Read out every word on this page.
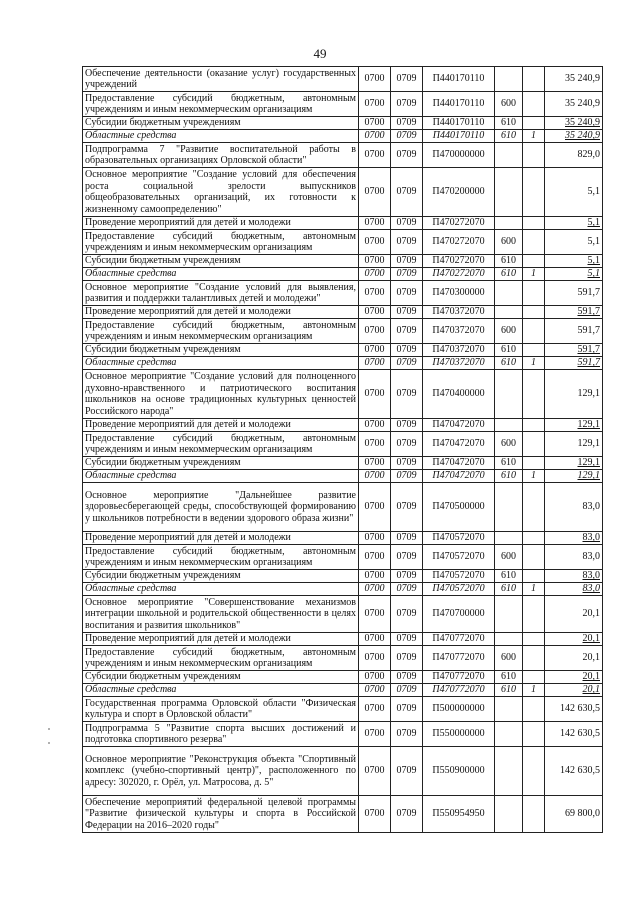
49
Обеспечение деятельности (оказание услуг) государственных учреждений	0700	0709	П440170110			35 240,9
Предоставление субсидий бюджетным, автономным учреждениям и иным некоммерческим организациям	0700	0709	П440170110	600		35 240,9
Субсидии бюджетным учреждениям	0700	0709	П440170110	610		35 240,9
Областные средства	0700	0709	П440170110	610	1	35 240,9
Подпрограмма 7 "Развитие воспитательной работы в образовательных организациях Орловской области"	0700	0709	П470000000			829,0
Основное мероприятие "Создание условий для обеспечения роста социальной зрелости выпускников общеобразовательных организаций, их готовности к жизненному самоопределению"	0700	0709	П470200000			5,1
Проведение мероприятий для детей и молодежи	0700	0709	П470272070			5,1
Предоставление субсидий бюджетным, автономным учреждениям и иным некоммерческим организациям	0700	0709	П470272070	600		5,1
Субсидии бюджетным учреждениям	0700	0709	П470272070	610		5,1
Областные средства	0700	0709	П470272070	610	1	5,1
Основное мероприятие "Создание условий для выявления, развития и поддержки талантливых детей и молодежи"	0700	0709	П470300000			591,7
Проведение мероприятий для детей и молодежи	0700	0709	П470372070			591,7
Предоставление субсидий бюджетным, автономным учреждениям и иным некоммерческим организациям	0700	0709	П470372070	600		591,7
Субсидии бюджетным учреждениям	0700	0709	П470372070	610		591,7
Областные средства	0700	0709	П470372070	610	1	591,7
Основное мероприятие "Создание условий для полноценного духовно-нравственного и патриотического воспитания школьников на основе традиционных культурных ценностей Российского народа"	0700	0709	П470400000			129,1
Проведение мероприятий для детей и молодежи	0700	0709	П470472070			129,1
Предоставление субсидий бюджетным, автономным учреждениям и иным некоммерческим организациям	0700	0709	П470472070	600		129,1
Субсидии бюджетным учреждениям	0700	0709	П470472070	610		129,1
Областные средства	0700	0709	П470472070	610	1	129,1
Основное мероприятие "Дальнейшее развитие здоровьесберегающей среды, способствующей формированию у школьников потребности в ведении здорового образа жизни"	0700	0709	П470500000			83,0
Проведение мероприятий для детей и молодежи	0700	0709	П470572070			83,0
Предоставление субсидий бюджетным, автономным учреждениям и иным некоммерческим организациям	0700	0709	П470572070	600		83,0
Субсидии бюджетным учреждениям	0700	0709	П470572070	610		83,0
Областные средства	0700	0709	П470572070	610	1	83,0
Основное мероприятие "Совершенствование механизмов интеграции школьной и родительской общественности в целях воспитания и развития школьников"	0700	0709	П470700000			20,1
Проведение мероприятий для детей и молодежи	0700	0709	П470772070			20,1
Предоставление субсидий бюджетным, автономным учреждениям и иным некоммерческим организациям	0700	0709	П470772070	600		20,1
Субсидии бюджетным учреждениям	0700	0709	П470772070	610		20,1
Областные средства	0700	0709	П470772070	610	1	20,1
Государственная программа Орловской области "Физическая культура и спорт в Орловской области"	0700	0709	П500000000			142 630,5
Подпрограмма 5 "Развитие спорта высших достижений и подготовка спортивного резерва"	0700	0709	П550000000			142 630,5
Основное мероприятие "Реконструкция объекта "Спортивный комплекс (учебно-спортивный центр)", расположенного по адресу: 302020, г. Орёл, ул. Матросова, д. 5"	0700	0709	П550900000			142 630,5
Обеспечение мероприятий федеральной целевой программы "Развитие физической культуры и спорта в Российской Федерации на 2016–2020 годы"	0700	0709	П550954950			69 800,0
